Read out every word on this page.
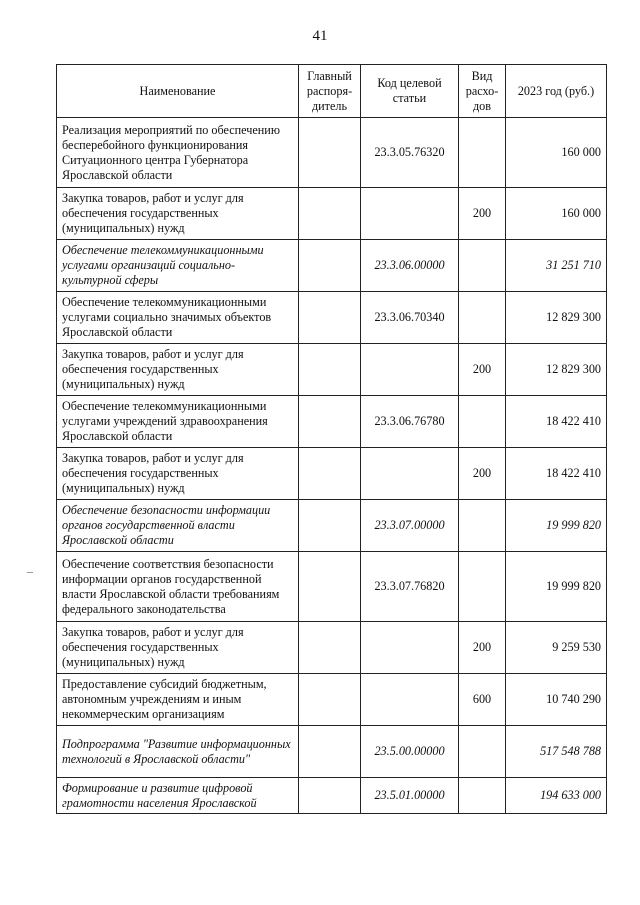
41
Наименование	Главный распоря-дитель	Код целевой статьи	Вид расхо-дов	2023 год (руб.)
Реализация мероприятий по обеспечению бесперебойного функционирования Ситуационного центра Губернатора Ярославской области		23.3.05.76320		160 000
Закупка товаров, работ и услуг для обеспечения государственных (муниципальных) нужд			200	160 000
Обеспечение телекоммуникационными услугами организаций социально-культурной сферы		23.3.06.00000		31 251 710
Обеспечение телекоммуникационными услугами социально значимых объектов Ярославской области		23.3.06.70340		12 829 300
Закупка товаров, работ и услуг для обеспечения государственных (муниципальных) нужд			200	12 829 300
Обеспечение телекоммуникационными услугами учреждений здравоохранения Ярославской области		23.3.06.76780		18 422 410
Закупка товаров, работ и услуг для обеспечения государственных (муниципальных) нужд			200	18 422 410
Обеспечение безопасности информации органов государственной власти Ярославской области		23.3.07.00000		19 999 820
Обеспечение соответствия безопасности информации органов государственной власти Ярославской области требованиям федерального законодательства		23.3.07.76820		19 999 820
Закупка товаров, работ и услуг для обеспечения государственных (муниципальных) нужд			200	9 259 530
Предоставление субсидий бюджетным, автономным учреждениям и иным некоммерческим организациям			600	10 740 290
Подпрограмма "Развитие информационных технологий в Ярославской области"		23.5.00.00000		517 548 788
Формирование и развитие цифровой грамотности населения Ярославской		23.5.01.00000		194 633 000
